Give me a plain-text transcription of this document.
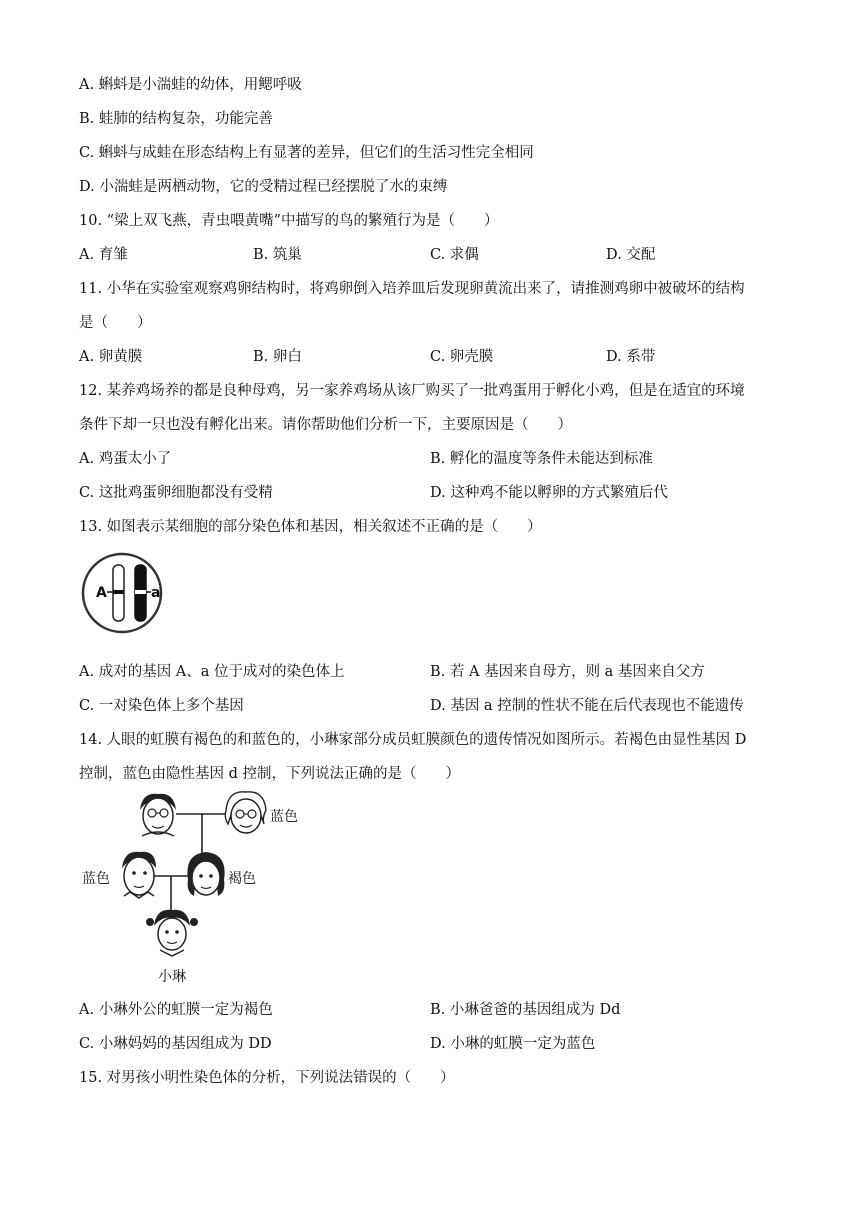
A. 蝌蚪是小湍蛙的幼体，用鳃呼吸
B. 蛙肺的结构复杂，功能完善
C. 蝌蚪与成蛙在形态结构上有显著的差异，但它们的生活习性完全相同
D. 小湍蛙是两栖动物，它的受精过程已经摆脱了水的束缚
10. “梁上双飞燕，青虫喂黄嘴”中描写的鸟的繁殖行为是（　　）
A. 育雏	B. 筑巢	C. 求偶	D. 交配
11. 小华在实验室观察鸡卵结构时，将鸡卵倒入培养皿后发现卵黄流出来了，请推测鸡卵中被破坏的结构
是（　　）
A. 卵黄膜	B. 卵白	C. 卵壳膜	D. 系带
12. 某养鸡场养的都是良种母鸡，另一家养鸡场从该厂购买了一批鸡蛋用于孵化小鸡，但是在适宜的环境
条件下却一只也没有孵化出来。请你帮助他们分析一下，主要原因是（　　）
A. 鸡蛋太小了	B. 孵化的温度等条件未能达到标准
C. 这批鸡蛋卵细胞都没有受精	D. 这种鸡不能以孵卵的方式繁殖后代
13. 如图表示某细胞的部分染色体和基因，相关叙述不正确的是（　　）
A	a
A. 成对的基因 A、a 位于成对的染色体上	B. 若 A 基因来自母方，则 a 基因来自父方
C. 一对染色体上多个基因	D. 基因 a 控制的性状不能在后代表现也不能遗传
14. 人眼的虹膜有褐色的和蓝色的，小琳家部分成员虹膜颜色的遗传情况如图所示。若褐色由显性基因 D
控制，蓝色由隐性基因 d 控制，下列说法正确的是（　　）
蓝色
蓝色	褐色
小琳
A. 小琳外公的虹膜一定为褐色	B. 小琳爸爸的基因组成为 Dd
C. 小琳妈妈的基因组成为 DD	D. 小琳的虹膜一定为蓝色
15. 对男孩小明性染色体的分析，下列说法错误的（　　）
